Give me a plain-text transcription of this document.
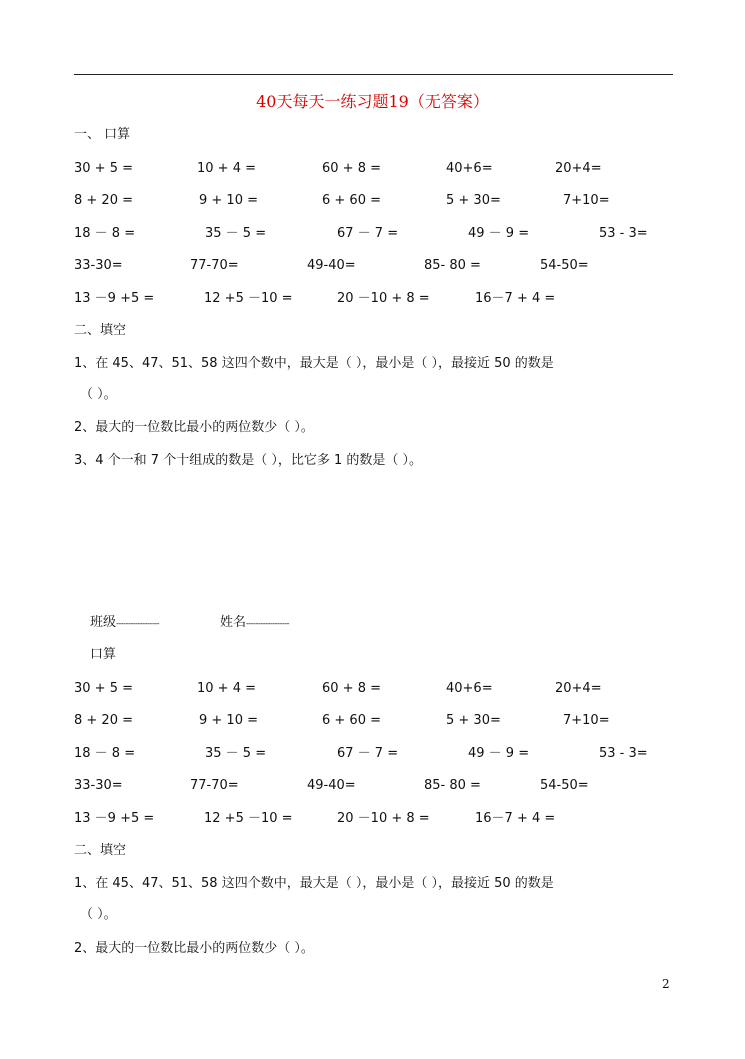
40天每天一练习题19（无答案）
一、 口算
30 + 5 =	10 + 4 =	60 + 8 =	40+6=	20+4=
8 + 20 =	9 + 10 =	6 + 60 =	5 + 30=	7+10=
18 － 8 =	35 － 5 =	67 － 7 =	49 － 9 =	53 - 3=
33-30=	77-70=	49-40=	85- 80 =	54-50=
13 －9 +5 =	12 +5 －10 =	20 －10 + 8 =	16－7 + 4 =
二、填空
1、在 45、47、51、58 这四个数中，最大是（ ），最小是（ ），最接近 50 的数是
（ ）。
2、最大的一位数比最小的两位数少（ ）。
3、4 个一和 7 个十组成的数是（ ），比它多 1 的数是（ ）。
班级------------------	姓名------------------
口算
30 + 5 =	10 + 4 =	60 + 8 =	40+6=	20+4=
8 + 20 =	9 + 10 =	6 + 60 =	5 + 30=	7+10=
18 － 8 =	35 － 5 =	67 － 7 =	49 － 9 =	53 - 3=
33-30=	77-70=	49-40=	85- 80 =	54-50=
13 －9 +5 =	12 +5 －10 =	20 －10 + 8 =	16－7 + 4 =
二、填空
1、在 45、47、51、58 这四个数中，最大是（ ），最小是（ ），最接近 50 的数是
（ ）。
2、最大的一位数比最小的两位数少（ ）。
2
